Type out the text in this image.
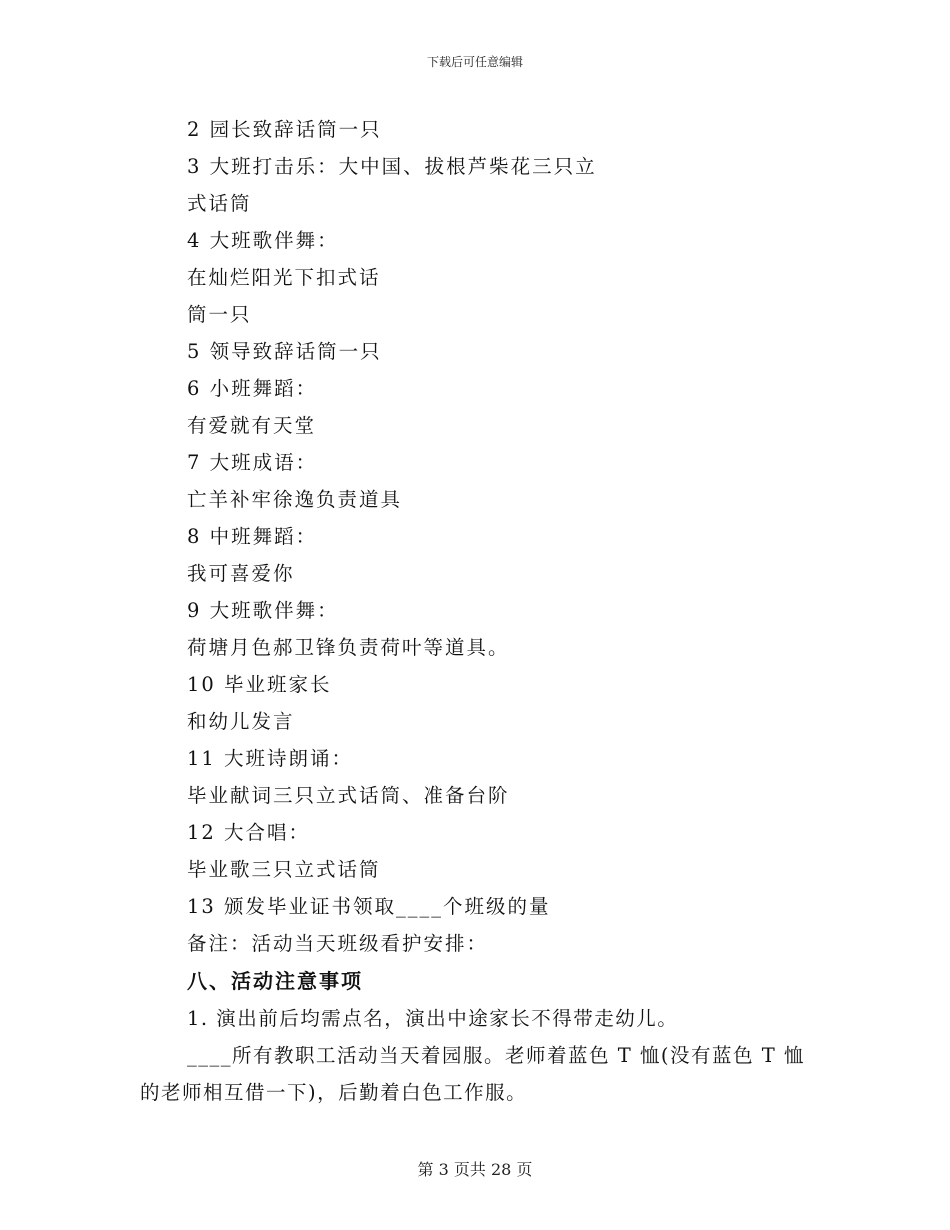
下载后可任意编辑
2 园长致辞话筒一只
3 大班打击乐：大中国、拔根芦柴花三只立
式话筒
4 大班歌伴舞：
在灿烂阳光下扣式话
筒一只
5 领导致辞话筒一只
6 小班舞蹈：
有爱就有天堂
7 大班成语：
亡羊补牢徐逸负责道具
8 中班舞蹈：
我可喜爱你
9 大班歌伴舞：
荷塘月色郝卫锋负责荷叶等道具。
10 毕业班家长
和幼儿发言
11 大班诗朗诵：
毕业献词三只立式话筒、准备台阶
12 大合唱：
毕业歌三只立式话筒
13 颁发毕业证书领取____个班级的量
备注：活动当天班级看护安排：
八、活动注意事项
1. 演出前后均需点名，演出中途家长不得带走幼儿。
____所有教职工活动当天着园服。老师着蓝色 T 恤(没有蓝色 T 恤
的老师相互借一下)，后勤着白色工作服。
第 3 页共 28 页
